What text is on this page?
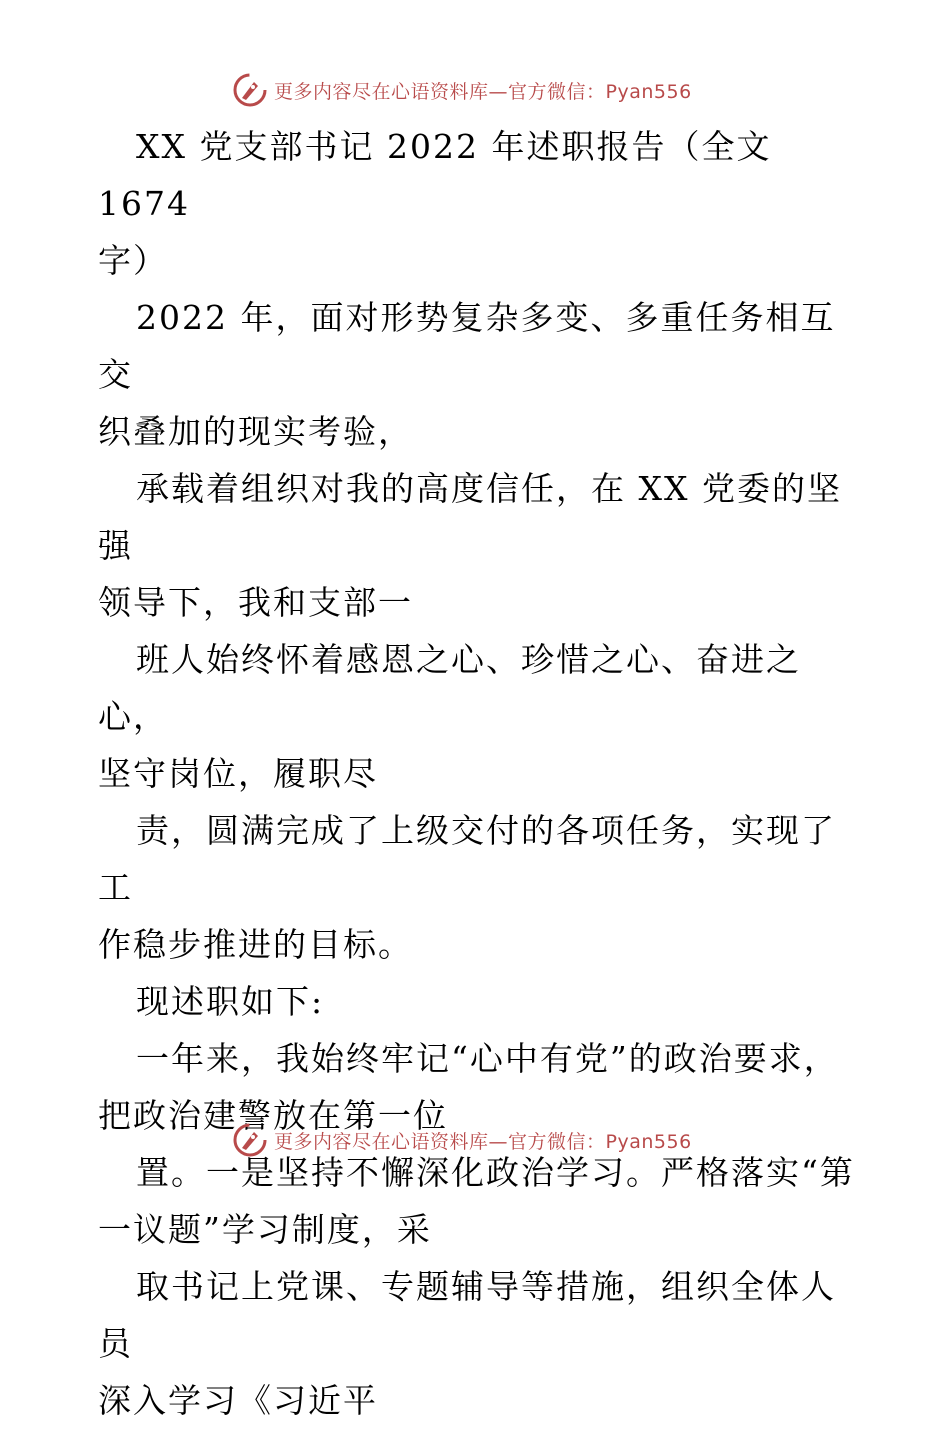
更多内容尽在心语资料库—官方微信：Pyan556

XX 党支部书记 2022 年述职报告（全文 1674
字）

2022 年，面对形势复杂多变、多重任务相互交
织叠加的现实考验，

承载着组织对我的高度信任，在 XX 党委的坚强
领导下，我和支部一

班人始终怀着感恩之心、珍惜之心、奋进之心，
坚守岗位，履职尽

责，圆满完成了上级交付的各项任务，实现了工
作稳步推进的目标。

现述职如下:

一年来，我始终牢记“心中有党”的政治要求，
把政治建警放在第一位

置。一是坚持不懈深化政治学习。严格落实“第
一议题”学习制度，采

取书记上党课、专题辅导等措施，组织全体人员
深入学习《习近平

更多内容尽在心语资料库—官方微信：Pyan556
